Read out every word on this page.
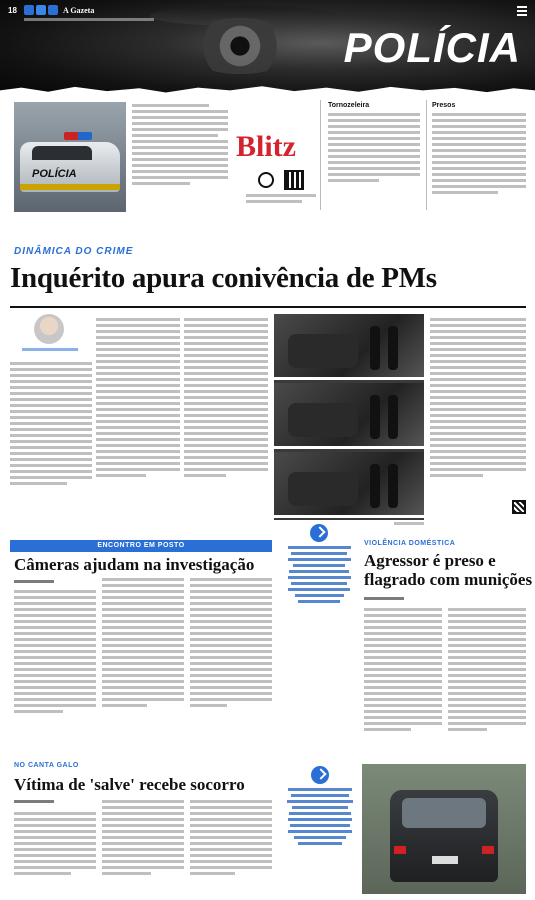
18	A Gazeta
POLÍCIA
POLÍCIA
Blitz
Tornozeleira	Presos
DINÂMICA DO CRIME
Inquérito apura conivência de PMs
ENCONTRO EM POSTO
Câmeras ajudam na investigação
VIOLÊNCIA DOMÉSTICA
Agressor é preso e
flagrado com munições
NO CANTA GALO
Vítima de 'salve' recebe socorro
